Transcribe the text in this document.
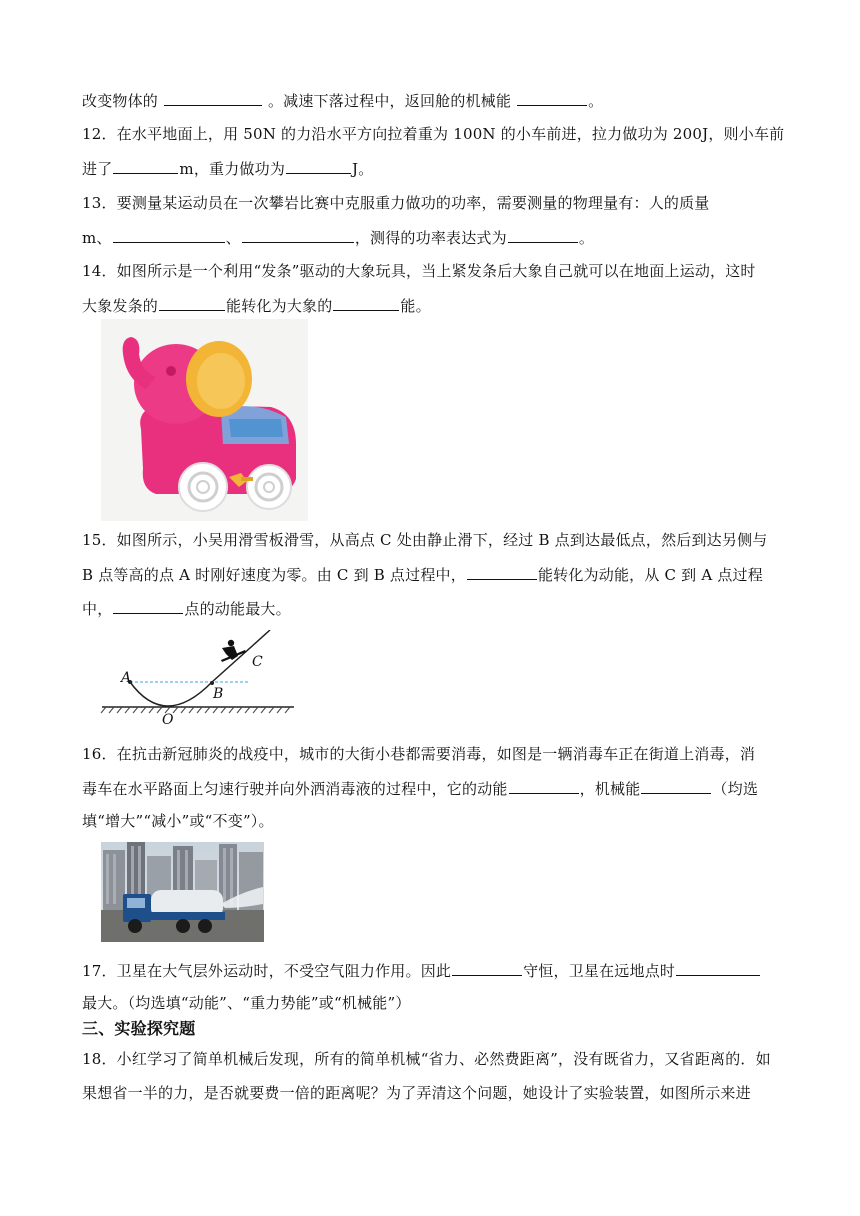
改变物体的	。减速下落过程中，返回舱的机械能	。
12．在水平地面上，用 50N 的力沿水平方向拉着重为 100N 的小车前进，拉力做功为 200J，则小车前
进了	m，重力做功为	J。
13．要测量某运动员在一次攀岩比赛中克服重力做功的功率，需要测量的物理量有：人的质量
m、	、	，测得的功率表达式为	。
14．如图所示是一个利用“发条”驱动的大象玩具，当上紧发条后大象自己就可以在地面上运动，这时
大象发条的	能转化为大象的	能。
15．如图所示，小吴用滑雪板滑雪，从高点 C 处由静止滑下，经过 B 点到达最低点，然后到达另侧与
B 点等高的点 A 时刚好速度为零。由 C 到 B 点过程中，	能转化为动能，从 C 到 A 点过程
中，	点的动能最大。
A
B
C
O
16．在抗击新冠肺炎的战疫中，城市的大街小巷都需要消毒，如图是一辆消毒车正在街道上消毒，消
毒车在水平路面上匀速行驶并向外洒消毒液的过程中，它的动能	，机械能	（均选
填“增大”“减小”或“不变”）。
17．卫星在大气层外运动时，不受空气阻力作用。因此	守恒，卫星在远地点时
最大。（均选填“动能”、“重力势能”或“机械能”）
三、实验探究题
18．小红学习了简单机械后发现，所有的简单机械“省力、必然费距离”，没有既省力，又省距离的．如
果想省一半的力，是否就要费一倍的距离呢？为了弄清这个问题，她设计了实验装置，如图所示来进
